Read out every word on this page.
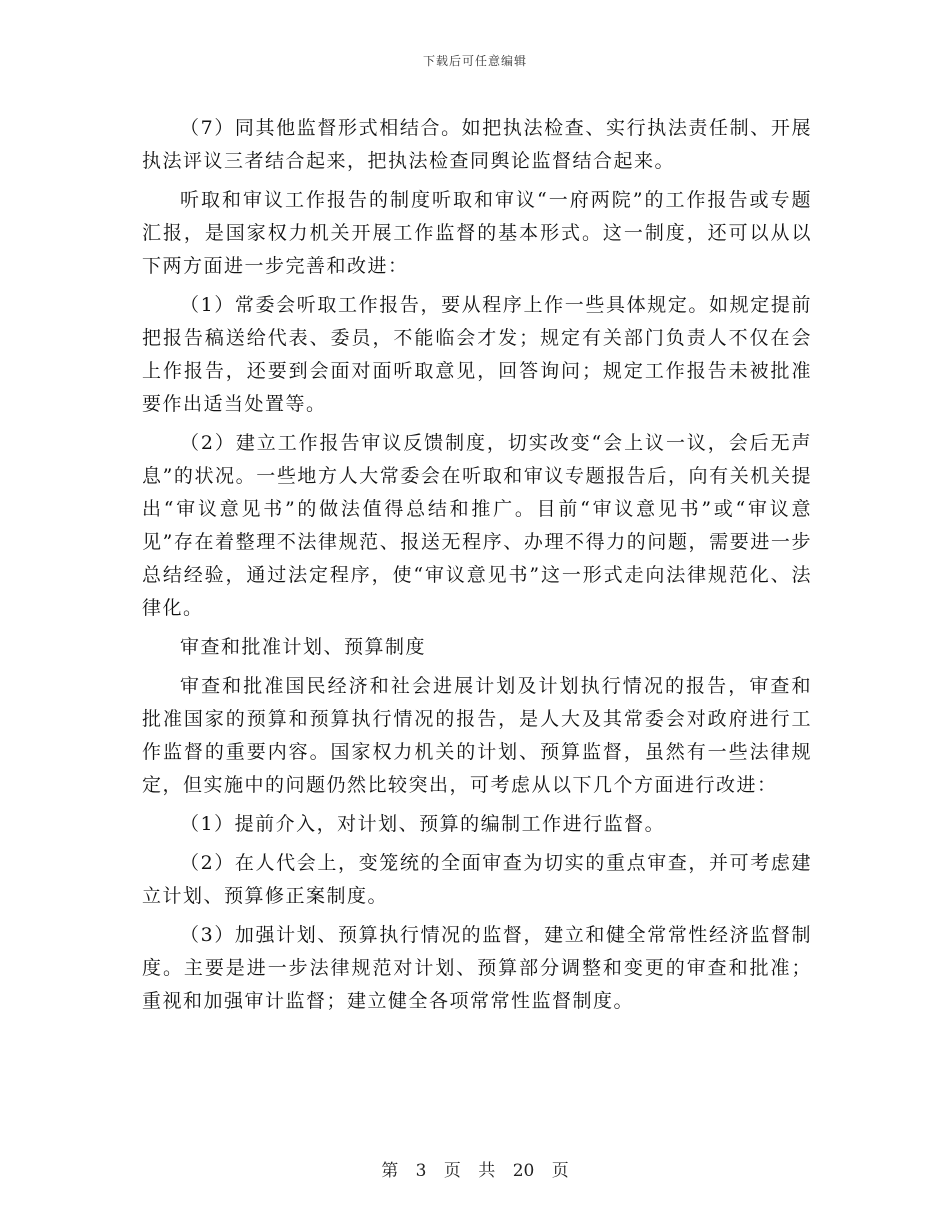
下载后可任意编辑

（7）同其他监督形式相结合。如把执法检查、实行执法责任制、开展执法评议三者结合起来，把执法检查同舆论监督结合起来。

听取和审议工作报告的制度听取和审议“一府两院”的工作报告或专题汇报，是国家权力机关开展工作监督的基本形式。这一制度，还可以从以下两方面进一步完善和改进：

（1）常委会听取工作报告，要从程序上作一些具体规定。如规定提前把报告稿送给代表、委员，不能临会才发；规定有关部门负责人不仅在会上作报告，还要到会面对面听取意见，回答询问；规定工作报告未被批准要作出适当处置等。

（2）建立工作报告审议反馈制度，切实改变“会上议一议，会后无声息”的状况。一些地方人大常委会在听取和审议专题报告后，向有关机关提出“审议意见书”的做法值得总结和推广。目前“审议意见书”或“审议意见”存在着整理不法律规范、报送无程序、办理不得力的问题，需要进一步总结经验，通过法定程序，使“审议意见书”这一形式走向法律规范化、法律化。

审查和批准计划、预算制度

审查和批准国民经济和社会进展计划及计划执行情况的报告，审查和批准国家的预算和预算执行情况的报告，是人大及其常委会对政府进行工作监督的重要内容。国家权力机关的计划、预算监督，虽然有一些法律规定，但实施中的问题仍然比较突出，可考虑从以下几个方面进行改进：

（1）提前介入，对计划、预算的编制工作进行监督。

（2）在人代会上，变笼统的全面审查为切实的重点审查，并可考虑建立计划、预算修正案制度。

（3）加强计划、预算执行情况的监督，建立和健全常常性经济监督制度。主要是进一步法律规范对计划、预算部分调整和变更的审查和批准；重视和加强审计监督；建立健全各项常常性监督制度。

第 3 页 共 20 页
